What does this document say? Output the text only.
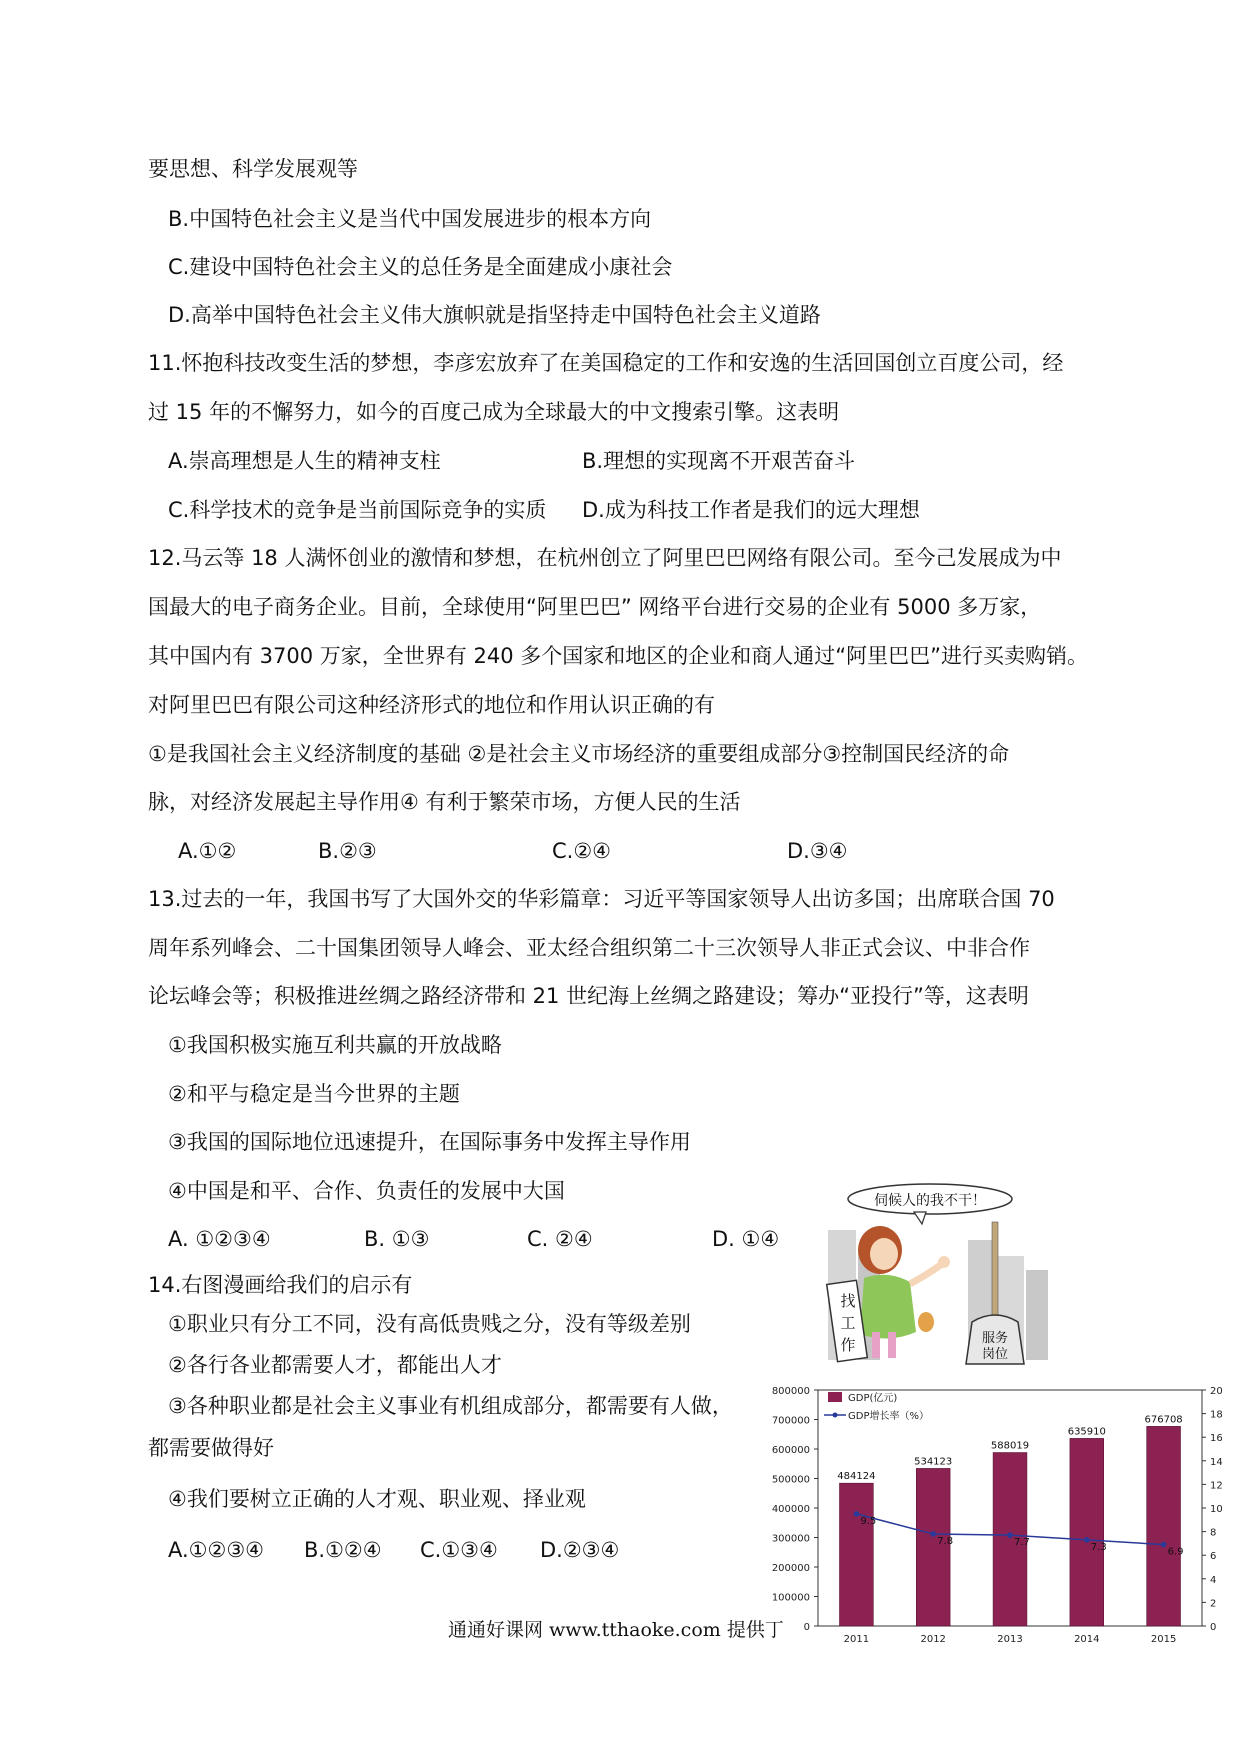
要思想、科学发展观等
B.中国特色社会主义是当代中国发展进步的根本方向
C.建设中国特色社会主义的总任务是全面建成小康社会
D.高举中国特色社会主义伟大旗帜就是指坚持走中国特色社会主义道路
11.怀抱科技改变生活的梦想，李彦宏放弃了在美国稳定的工作和安逸的生活回国创立百度公司，经
过 15 年的不懈努力，如今的百度己成为全球最大的中文搜索引擎。这表明
A.崇高理想是人生的精神支柱	B.理想的实现离不开艰苦奋斗
C.科学技术的竞争是当前国际竞争的实质 D.成为科技工作者是我们的远大理想
12.马云等 18 人满怀创业的激情和梦想，在杭州创立了阿里巴巴网络有限公司。至今己发展成为中
国最大的电子商务企业。目前，全球使用“阿里巴巴” 网络平台进行交易的企业有 5000 多万家，
其中国内有 3700 万家，全世界有 240 多个国家和地区的企业和商人通过“阿里巴巴”进行买卖购销。
对阿里巴巴有限公司这种经济形式的地位和作用认识正确的有
①是我国社会主义经济制度的基础 ②是社会主义市场经济的重要组成部分③控制国民经济的命
脉，对经济发展起主导作用④ 有利于繁荣市场，方便人民的生活
A.①②	B.②③	C.②④	D.③④
13.过去的一年，我国书写了大国外交的华彩篇章：习近平等国家领导人出访多国；出席联合国 70
周年系列峰会、二十国集团领导人峰会、亚太经合组织第二十三次领导人非正式会议、中非合作
论坛峰会等；积极推进丝绸之路经济带和 21 世纪海上丝绸之路建设；筹办“亚投行”等，这表明
①我国积极实施互利共赢的开放战略
②和平与稳定是当今世界的主题
③我国的国际地位迅速提升，在国际事务中发挥主导作用
④中国是和平、合作、负责任的发展中大国
A. ①②③④	B. ①③	C. ②④	D. ①④
14.右图漫画给我们的启示有
①职业只有分工不同，没有高低贵贱之分，没有等级差别
②各行各业都需要人才，都能出人才
③各种职业都是社会主义事业有机组成部分，都需要有人做，
都需要做得好
④我们要树立正确的人才观、职业观、择业观
A.①②③④ B.①②④ C.①③④ D.②③④
伺候人的我不干！
找
工
作	服务
岗位
0
100000
200000
300000
400000
500000
600000
700000
800000
0
2
4
6
8
10
12
14
16
18
20
484124
2011
534123
2012
588019
2013
635910
2014
676708
2015
9.5
7.8	7.7	7.3	6.9
GDP(亿元)
GDP增长率（%）
通通好课网 www.tthaoke.com 提供丁
